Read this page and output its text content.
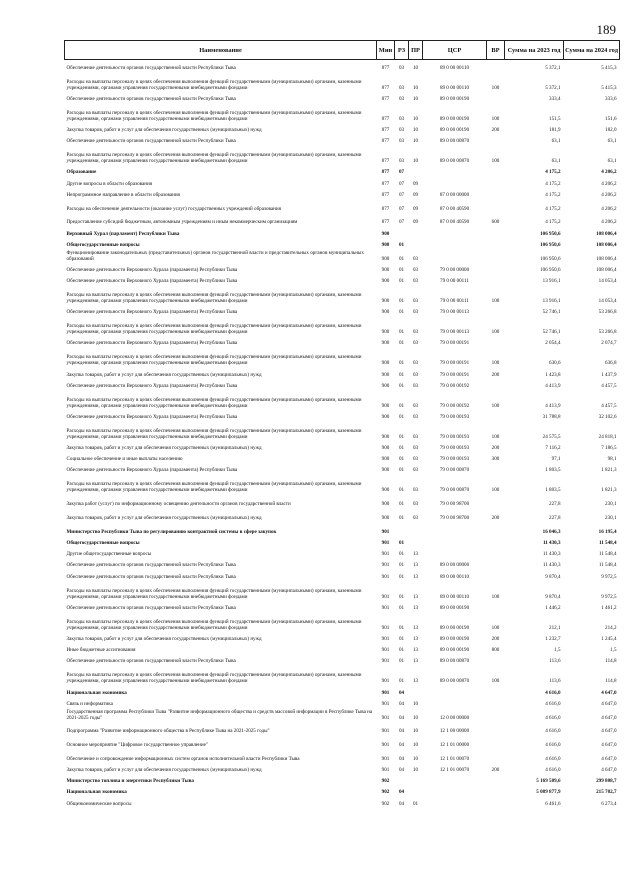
189
Наименование	Мин	РЗ	ПР	ЦСР	ВР	Сумма на 2023 год	Сумма на 2024 год
Обеспечение деятельности органов государственной власти Республики Тыва	877	03	10	89 0 00 00110		5 372,1	5 415,3
Расходы на выплаты персоналу в целях обеспечения выполнения функций государственными (муниципальными) органами, казенными учреждениями, органами управления государственными внебюджетными фондами	877	03	10	89 0 00 00110	100	5 372,1	5 415,3
Обеспечение деятельности органов государственной власти Республики Тыва	877	03	10	89 0 00 00190		333,4	333,6
Расходы на выплаты персоналу в целях обеспечения выполнения функций государственными (муниципальными) органами, казенными учреждениями, органами управления государственными внебюджетными фондами	877	03	10	89 0 00 00190	100	151,5	151,6
Закупка товаров, работ и услуг для обеспечения государственных (муниципальных) нужд	877	03	10	89 0 00 00190	200	181,9	182,0
Обеспечение деятельности органов государственной власти Республики Тыва	877	03	10	89 0 00 00870		63,1	63,1
Расходы на выплаты персоналу в целях обеспечения выполнения функций государственными (муниципальными) органами, казенными учреждениями, органами управления государственными внебюджетными фондами	877	03	10	89 0 00 00870	100	63,1	63,1
Образование	877	07				4 175,2	4 206,2
Другие вопросы в области образования	877	07	09			4 175,2	4 206,2
Непрограммное направление в области образования	877	07	09	87 0 00 00000		4 175,2	4 206,2
Расходы на обеспечение деятельности (оказание услуг) государственных учреждений образования	877	07	09	87 0 00 40590		4 175,2	4 206,2
Предоставление субсидий бюджетным, автономным учреждениям и иным некоммерческим организациям	877	07	09	87 0 00 40590	600	4 175,2	4 206,2
Верховный Хурал (парламент) Республики Тыва	900					106 950,6	108 006,4
Общегосударственные вопросы	900	01				106 950,6	108 006,4
Функционирование законодательных (представительных) органов государственной власти и представительных органов муниципальных образований	900	01	03			106 950,6	108 006,4
Обеспечение деятельности Верховного Хурала (парламента) Республики Тыва	900	01	03	79 0 00 00000		106 950,6	108 006,4
Обеспечение деятельности Верховного Хурала (парламента) Республики Тыва	900	01	03	79 0 00 00111		13 916,1	14 053,4
Расходы на выплаты персоналу в целях обеспечения выполнения функций государственными (муниципальными) органами, казенными учреждениями, органами управления государственными внебюджетными фондами	900	01	03	79 0 00 00111	100	13 916,1	14 053,4
Обеспечение деятельности Верховного Хурала (парламента) Республики Тыва	900	01	03	79 0 00 00113		52 746,1	53 266,8
Расходы на выплаты персоналу в целях обеспечения выполнения функций государственными (муниципальными) органами, казенными учреждениями, органами управления государственными внебюджетными фондами	900	01	03	79 0 00 00113	100	52 746,1	53 266,8
Обеспечение деятельности Верховного Хурала (парламента) Республики Тыва	900	01	03	79 0 00 00191		2 054,4	2 074,7
Расходы на выплаты персоналу в целях обеспечения выполнения функций государственными (муниципальными) органами, казенными учреждениями, органами управления государственными внебюджетными фондами	900	01	03	79 0 00 00191	100	630,6	636,8
Закупка товаров, работ и услуг для обеспечения государственных (муниципальных) нужд	900	01	03	79 0 00 00191	200	1 423,8	1 437,9
Обеспечение деятельности Верховного Хурала (парламента) Республики Тыва	900	01	03	79 0 00 00192		4 413,9	4 457,5
Расходы на выплаты персоналу в целях обеспечения выполнения функций государственными (муниципальными) органами, казенными учреждениями, органами управления государственными внебюджетными фондами	900	01	03	79 0 00 00192	100	4 413,9	4 457,5
Обеспечение деятельности Верховного Хурала (парламента) Республики Тыва	900	01	03	79 0 00 00193		31 788,8	32 102,6
Расходы на выплаты персоналу в целях обеспечения выполнения функций государственными (муниципальными) органами, казенными учреждениями, органами управления государственными внебюджетными фондами	900	01	03	79 0 00 00193	100	24 575,5	24 818,1
Закупка товаров, работ и услуг для обеспечения государственных (муниципальных) нужд	900	01	03	79 0 00 00193	200	7 116,2	7 186,5
Социальное обеспечение и иные выплаты населению	900	01	03	79 0 00 00193	300	97,1	98,1
Обеспечение деятельности Верховного Хурала (парламента) Республики Тыва	900	01	03	79 0 00 00870		1 803,5	1 821,3
Расходы на выплаты персоналу в целях обеспечения выполнения функций государственными (муниципальными) органами, казенными учреждениями, органами управления государственными внебюджетными фондами	900	01	03	79 0 00 00870	100	1 803,5	1 821,3
Закупка работ (услуг) по информационному освещению деятельности органов государственной власти	900	01	03	79 0 00 98700		227,8	230,1
Закупка товаров, работ и услуг для обеспечения государственных (муниципальных) нужд	900	01	03	79 0 00 98700	200	227,8	230,1
Министерство Республики Тыва по регулированию контрактной системы в сфере закупок	901					16 046,3	16 195,4
Общегосударственные вопросы	901	01				11 430,3	11 548,4
Другие общегосударственные вопросы	901	01	13			11 430,3	11 548,4
Обеспечение деятельности органов государственной власти Республики Тыва	901	01	13	89 0 00 00000		11 430,3	11 548,4
Обеспечение деятельности органов государственной власти Республики Тыва	901	01	13	89 0 00 00110		9 870,4	9 972,5
Расходы на выплаты персоналу в целях обеспечения выполнения функций государственными (муниципальными) органами, казенными учреждениями, органами управления государственными внебюджетными фондами	901	01	13	89 0 00 00110	100	9 870,4	9 972,5
Обеспечение деятельности органов государственной власти Республики Тыва	901	01	13	89 0 00 00190		1 446,2	1 461,2
Расходы на выплаты персоналу в целях обеспечения выполнения функций государственными (муниципальными) органами, казенными учреждениями, органами управления государственными внебюджетными фондами	901	01	13	89 0 00 00190	100	212,1	214,2
Закупка товаров, работ и услуг для обеспечения государственных (муниципальных) нужд	901	01	13	89 0 00 00190	200	1 232,7	1 245,4
Иные бюджетные ассигнования	901	01	13	89 0 00 00190	800	1,5	1,5
Обеспечение деятельности органов государственной власти Республики Тыва	901	01	13	89 0 00 00870		113,6	114,8
Расходы на выплаты персоналу в целях обеспечения выполнения функций государственными (муниципальными) органами, казенными учреждениями, органами управления государственными внебюджетными фондами	901	01	13	89 0 00 00870	100	113,6	114,8
Национальная экономика	901	04				4 616,0	4 647,0
Связь и информатика	901	04	10			4 616,0	4 647,0
Государственная программа Республики Тыва "Развитие информационного общества и средств массовой информации в Республике Тыва на 2021-2025 годы"	901	04	10	12 0 00 00000		4 616,0	4 647,0
Подпрограмма "Развитие информационного общества в Республике Тыва на 2021-2025 годы"	901	04	10	12 1 00 00000		4 616,0	4 647,0
Основное мероприятие "Цифровое государственное управление"	901	04	10	12 1 01 00000		4 616,0	4 647,0
Обеспечение и сопровождение информационных систем органов исполнительной власти Республики Тыва	901	04	10	12 1 01 00070		4 616,0	4 647,0
Закупка товаров, работ и услуг для обеспечения государственных (муниципальных) нужд	901	04	10	12 1 01 00070	200	4 616,0	4 647,0
Министерство топлива и энергетики Республики Тыва	902					5 169 509,6	299 808,7
Национальная экономика	902	04				5 089 877,9	215 702,7
Общеэкономические вопросы	902	04	01			6 461,6	6 273,4
